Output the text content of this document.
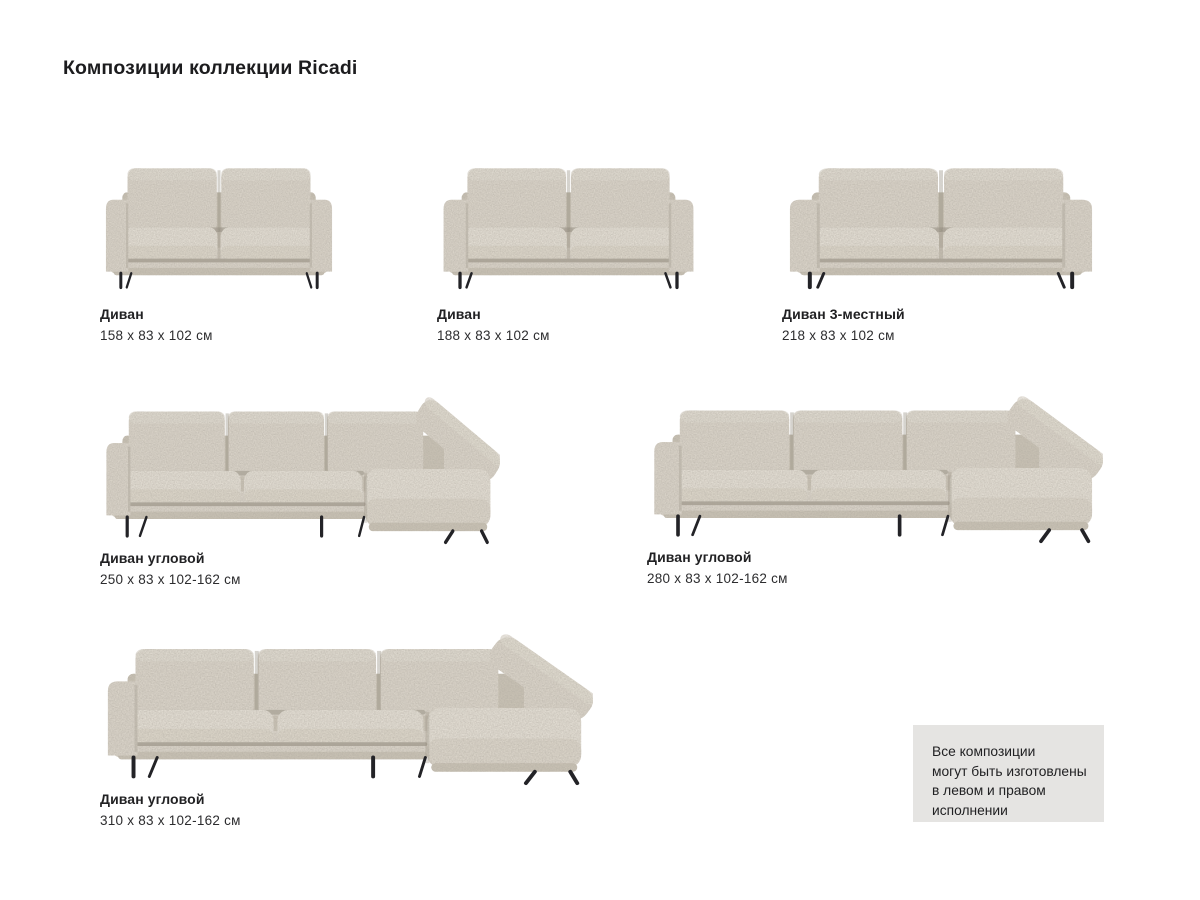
Композиции коллекции Ricadi
Диван
158 x 83 x 102 см
Диван
188 x 83 x 102 см
Диван 3-местный
218 x 83 x 102 см
Диван угловой
250 x 83 x 102-162 см
Диван угловой
280 x 83 x 102-162 см
Диван угловой
310 x 83 x 102-162 см

Все композиции
могут быть изготовлены
в левом и правом
исполнении
